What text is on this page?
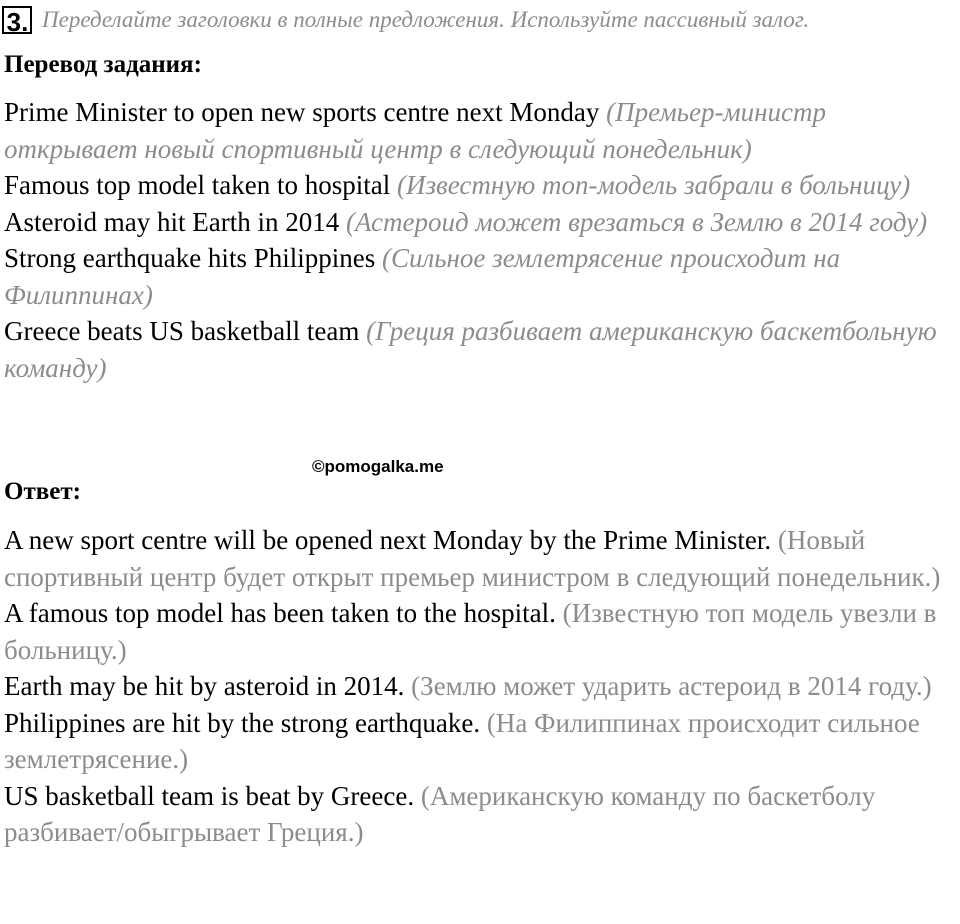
3. Переделайте заголовки в полные предложения. Используйте пассивный залог.
Перевод задания:

Prime Minister to open new sports centre next Monday (Премьер-министр открывает новый спортивный центр в следующий понедельник)

Famous top model taken to hospital (Известную топ-модель забрали в больницу)

Asteroid may hit Earth in 2014 (Астероид может врезаться в Землю в 2014 году)

Strong earthquake hits Philippines (Сильное землетрясение происходит на Филиппинах)

Greece beats US basketball team (Греция разбивает американскую баскетбольную команду)

©pomogalka.me
Ответ:

A new sport centre will be opened next Monday by the Prime Minister. (Новый спортивный центр будет открыт премьер министром в следующий понедельник.)

A famous top model has been taken to the hospital. (Известную топ модель увезли в больницу.)

Earth may be hit by asteroid in 2014. (Землю может ударить астероид в 2014 году.)

Philippines are hit by the strong earthquake. (На Филиппинах происходит сильное землетрясение.)

US basketball team is beat by Greece. (Американскую команду по баскетболу разбивает/обыгрывает Греция.)
